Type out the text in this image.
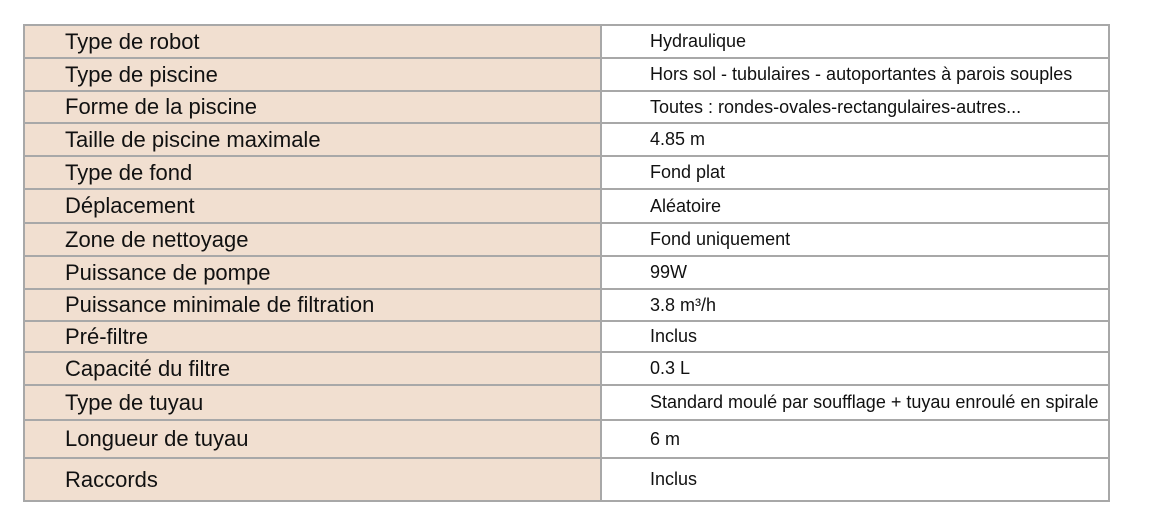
Type de robot	Hydraulique
Type de piscine	Hors sol - tubulaires - autoportantes à parois souples
Forme de la piscine	Toutes : rondes-ovales-rectangulaires-autres...
Taille de piscine maximale	4.85 m
Type de fond	Fond plat
Déplacement	Aléatoire
Zone de nettoyage	Fond uniquement
Puissance de pompe	99W
Puissance minimale de filtration	3.8 m³/h
Pré-filtre	Inclus
Capacité du filtre	0.3 L
Type de tuyau	Standard moulé par soufflage + tuyau enroulé en spirale
Longueur de tuyau	6 m
Raccords	Inclus
